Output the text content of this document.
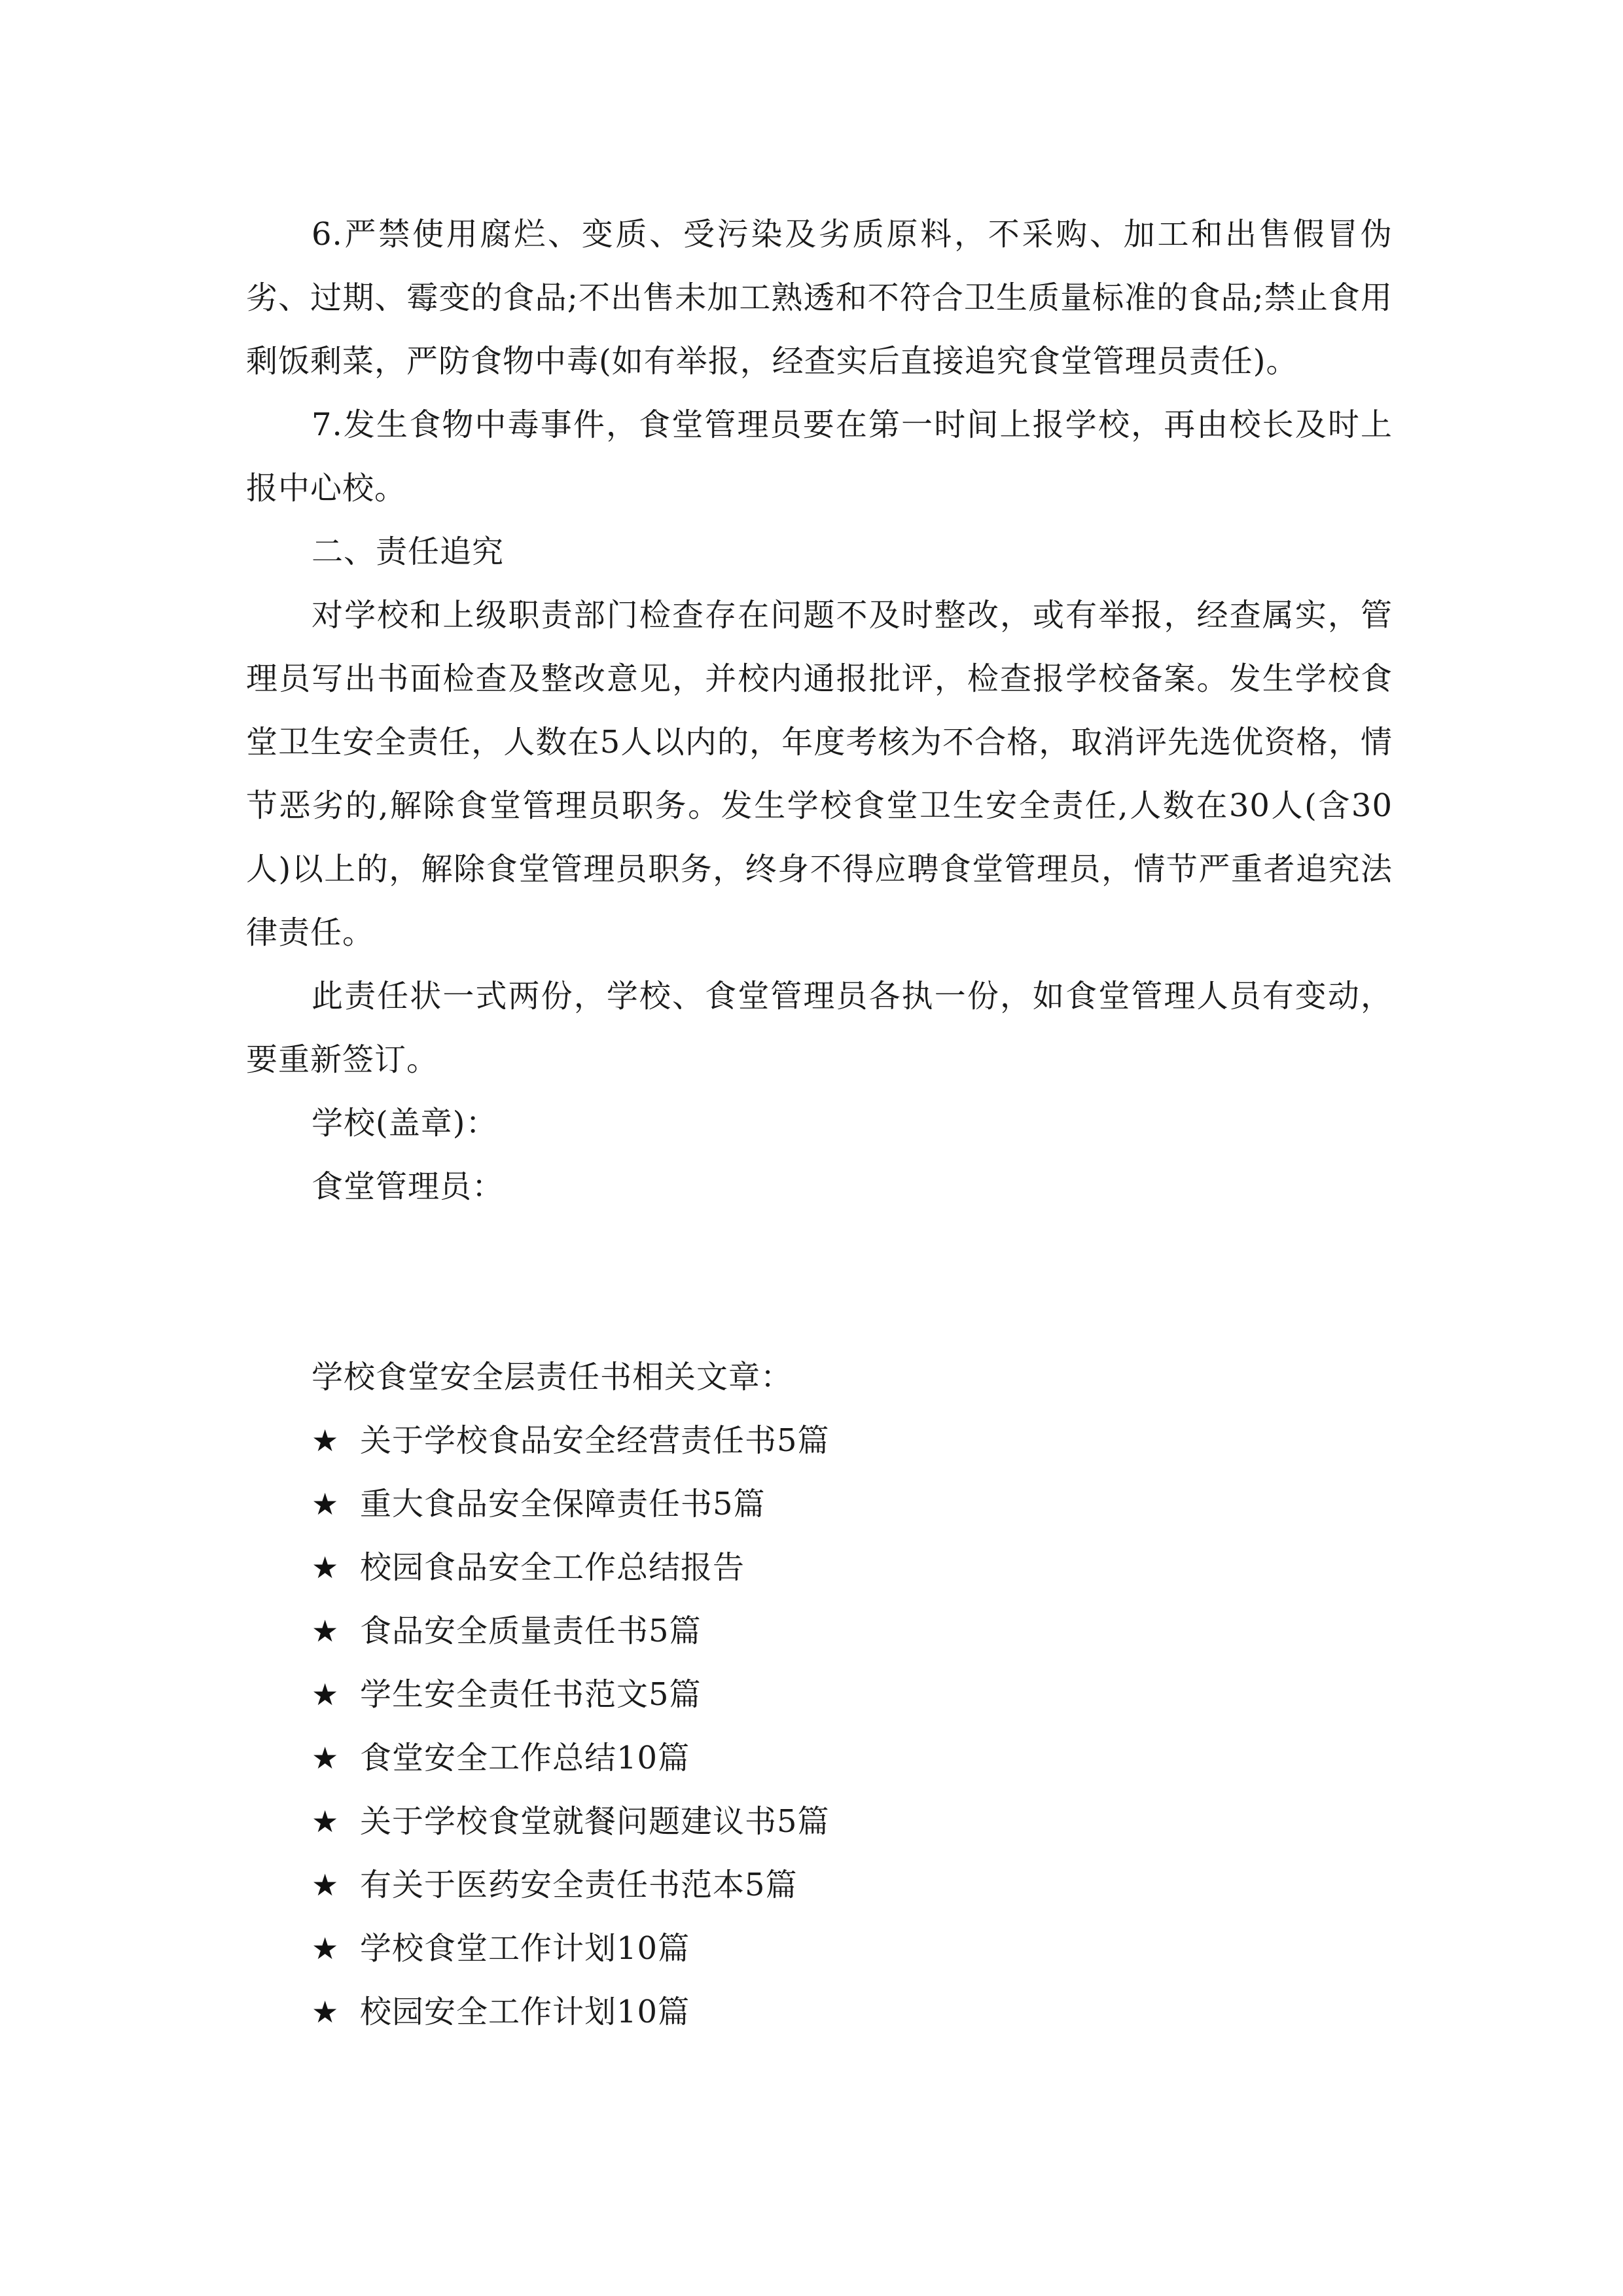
6.严禁使用腐烂、变质、受污染及劣质原料，不采购、加工和出售假冒伪劣、过期、霉变的食品;不出售未加工熟透和不符合卫生质量标准的食品;禁止食用剩饭剩菜，严防食物中毒(如有举报，经查实后直接追究食堂管理员责任)。

7.发生食物中毒事件，食堂管理员要在第一时间上报学校，再由校长及时上报中心校。

二、责任追究

对学校和上级职责部门检查存在问题不及时整改，或有举报，经查属实，管理员写出书面检查及整改意见，并校内通报批评，检查报学校备案。发生学校食堂卫生安全责任，人数在5人以内的，年度考核为不合格，取消评先选优资格，情节恶劣的,解除食堂管理员职务。发生学校食堂卫生安全责任,人数在30人(含30人)以上的，解除食堂管理员职务，终身不得应聘食堂管理员，情节严重者追究法律责任。

此责任状一式两份，学校、食堂管理员各执一份，如食堂管理人员有变动，要重新签订。

学校(盖章)：

食堂管理员：

学校食堂安全层责任书相关文章：

★ 关于学校食品安全经营责任书5篇
★ 重大食品安全保障责任书5篇
★ 校园食品安全工作总结报告
★ 食品安全质量责任书5篇
★ 学生安全责任书范文5篇
★ 食堂安全工作总结10篇
★ 关于学校食堂就餐问题建议书5篇
★ 有关于医药安全责任书范本5篇
★ 学校食堂工作计划10篇
★ 校园安全工作计划10篇
